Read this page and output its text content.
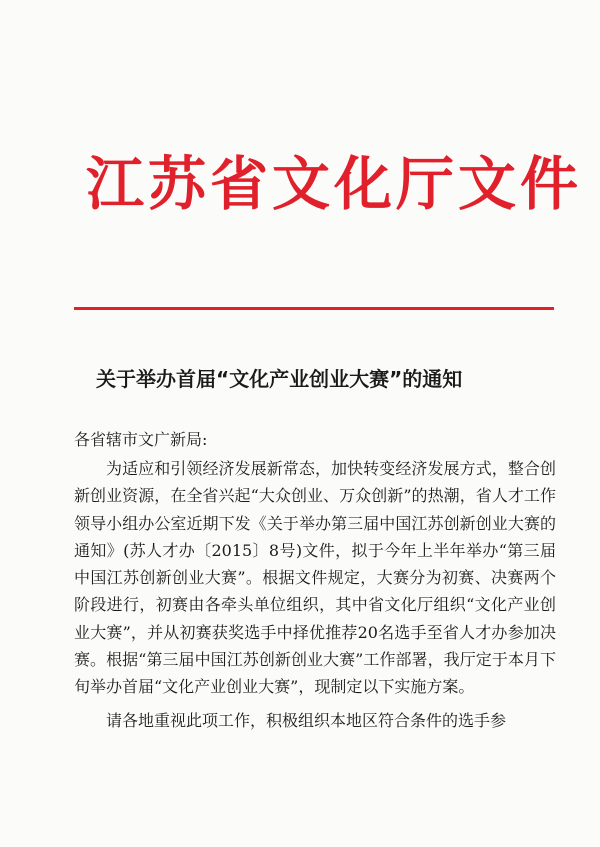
江苏省文化厅文件
关于举办首届“文化产业创业大赛”的通知
各省辖市文广新局:

为适应和引领经济发展新常态，加快转变经济发展方式，整合创新创业资源，在全省兴起“大众创业、万众创新”的热潮，省人才工作领导小组办公室近期下发《关于举办第三届中国江苏创新创业大赛的通知》(苏人才办〔2015〕8号)文件，拟于今年上半年举办“第三届中国江苏创新创业大赛”。根据文件规定，大赛分为初赛、决赛两个阶段进行，初赛由各牵头单位组织，其中省文化厅组织“文化产业创业大赛”，并从初赛获奖选手中择优推荐20名选手至省人才办参加决赛。根据“第三届中国江苏创新创业大赛”工作部署，我厅定于本月下旬举办首届“文化产业创业大赛”，现制定以下实施方案。

请各地重视此项工作，积极组织本地区符合条件的选手参
